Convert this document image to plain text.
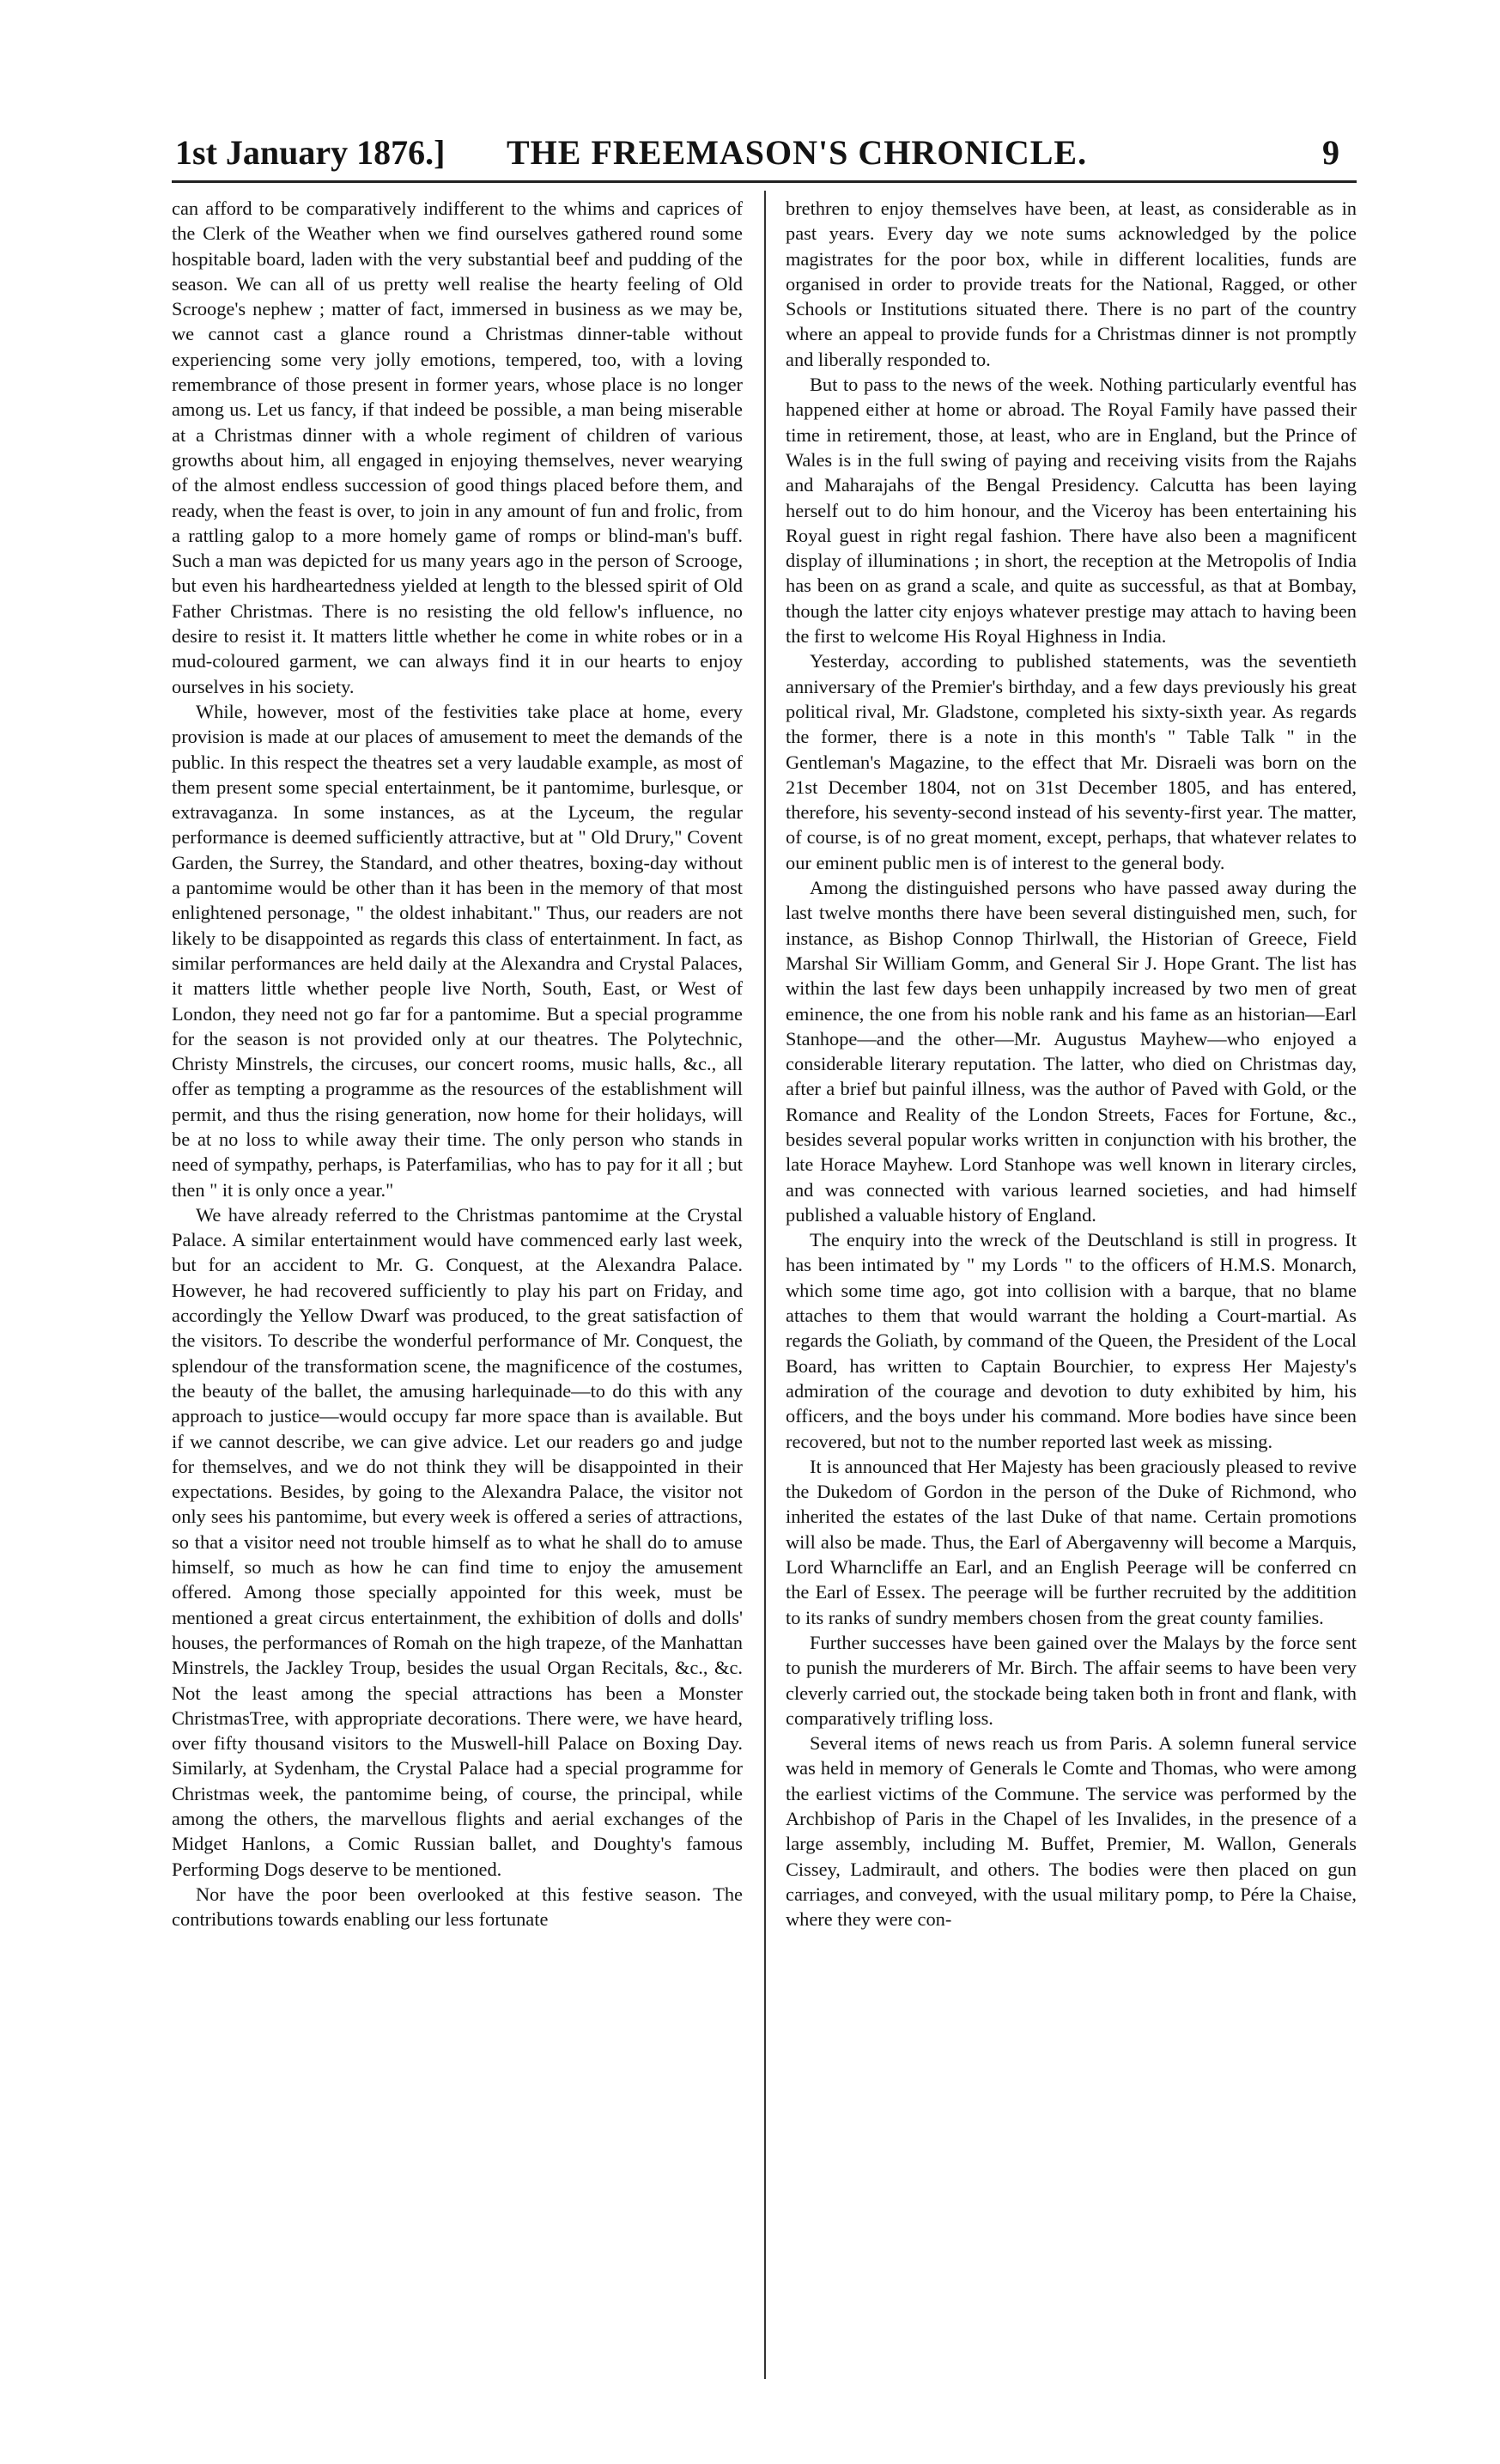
1st January 1876.] THE FREEMASON'S CHRONICLE.	9

can afford to be comparatively indifferent to the whims and caprices of the Clerk of the Weather when we find ourselves gathered round some hospitable board, laden with the very substantial beef and pudding of the season. We can all of us pretty well realise the hearty feeling of Old Scrooge's nephew ; matter of fact, immersed in business as we may be, we cannot cast a glance round a Christmas dinner-table without experiencing some very jolly emotions, tempered, too, with a loving remembrance of those present in former years, whose place is no longer among us. Let us fancy, if that indeed be possible, a man being miserable at a Christmas dinner with a whole regiment of children of various growths about him, all engaged in enjoying themselves, never wearying of the almost endless succession of good things placed before them, and ready, when the feast is over, to join in any amount of fun and frolic, from a rattling galop to a more homely game of romps or blind-man's buff. Such a man was depicted for us many years ago in the person of Scrooge, but even his hardheartedness yielded at length to the blessed spirit of Old Father Christmas. There is no resisting the old fellow's influence, no desire to resist it. It matters little whether he come in white robes or in a mud-coloured garment, we can always find it in our hearts to enjoy ourselves in his society.

While, however, most of the festivities take place at home, every provision is made at our places of amusement to meet the demands of the public. In this respect the theatres set a very laudable example, as most of them present some special entertainment, be it pantomime, burlesque, or extravaganza. In some instances, as at the Lyceum, the regular performance is deemed sufficiently attractive, but at " Old Drury," Covent Garden, the Surrey, the Standard, and other theatres, boxing-day without a pantomime would be other than it has been in the memory of that most enlightened personage, " the oldest inhabitant." Thus, our readers are not likely to be disappointed as regards this class of entertainment. In fact, as similar performances are held daily at the Alexandra and Crystal Palaces, it matters little whether people live North, South, East, or West of London, they need not go far for a pantomime. But a special programme for the season is not provided only at our theatres. The Polytechnic, Christy Minstrels, the circuses, our concert rooms, music halls, &c., all offer as tempting a programme as the resources of the establishment will permit, and thus the rising generation, now home for their holidays, will be at no loss to while away their time. The only person who stands in need of sympathy, perhaps, is Paterfamilias, who has to pay for it all ; but then " it is only once a year."

We have already referred to the Christmas pantomime at the Crystal Palace. A similar entertainment would have commenced early last week, but for an accident to Mr. G. Conquest, at the Alexandra Palace. However, he had recovered sufficiently to play his part on Friday, and accordingly the Yellow Dwarf was produced, to the great satisfaction of the visitors. To describe the wonderful performance of Mr. Conquest, the splendour of the transformation scene, the magnificence of the costumes, the beauty of the ballet, the amusing harlequinade—to do this with any approach to justice—would occupy far more space than is available. But if we cannot describe, we can give advice. Let our readers go and judge for themselves, and we do not think they will be disappointed in their expectations. Besides, by going to the Alexandra Palace, the visitor not only sees his pantomime, but every week is offered a series of attractions, so that a visitor need not trouble himself as to what he shall do to amuse himself, so much as how he can find time to enjoy the amusement offered. Among those specially appointed for this week, must be mentioned a great circus entertainment, the exhibition of dolls and dolls' houses, the performances of Romah on the high trapeze, of the Manhattan Minstrels, the Jackley Troup, besides the usual Organ Recitals, &c., &c. Not the least among the special attractions has been a Monster ChristmasTree, with appropriate decorations. There were, we have heard, over fifty thousand visitors to the Muswell-hill Palace on Boxing Day. Similarly, at Sydenham, the Crystal Palace had a special programme for Christmas week, the pantomime being, of course, the principal, while among the others, the marvellous flights and aerial exchanges of the Midget Hanlons, a Comic Russian ballet, and Doughty's famous Performing Dogs deserve to be mentioned.

Nor have the poor been overlooked at this festive season. The contributions towards enabling our less fortunate

brethren to enjoy themselves have been, at least, as considerable as in past years. Every day we note sums acknowledged by the police magistrates for the poor box, while in different localities, funds are organised in order to provide treats for the National, Ragged, or other Schools or Institutions situated there. There is no part of the country where an appeal to provide funds for a Christmas dinner is not promptly and liberally responded to.

But to pass to the news of the week. Nothing particularly eventful has happened either at home or abroad. The Royal Family have passed their time in retirement, those, at least, who are in England, but the Prince of Wales is in the full swing of paying and receiving visits from the Rajahs and Maharajahs of the Bengal Presidency. Calcutta has been laying herself out to do him honour, and the Viceroy has been entertaining his Royal guest in right regal fashion. There have also been a magnificent display of illuminations ; in short, the reception at the Metropolis of India has been on as grand a scale, and quite as successful, as that at Bombay, though the latter city enjoys whatever prestige may attach to having been the first to welcome His Royal Highness in India.

Yesterday, according to published statements, was the seventieth anniversary of the Premier's birthday, and a few days previously his great political rival, Mr. Gladstone, completed his sixty-sixth year. As regards the former, there is a note in this month's " Table Talk " in the Gentleman's Magazine, to the effect that Mr. Disraeli was born on the 21st December 1804, not on 31st December 1805, and has entered, therefore, his seventy-second instead of his seventy-first year. The matter, of course, is of no great moment, except, perhaps, that whatever relates to our eminent public men is of interest to the general body.

Among the distinguished persons who have passed away during the last twelve months there have been several distinguished men, such, for instance, as Bishop Connop Thirlwall, the Historian of Greece, Field Marshal Sir William Gomm, and General Sir J. Hope Grant. The list has within the last few days been unhappily increased by two men of great eminence, the one from his noble rank and his fame as an historian—Earl Stanhope—and the other—Mr. Augustus Mayhew—who enjoyed a considerable literary reputation. The latter, who died on Christmas day, after a brief but painful illness, was the author of Paved with Gold, or the Romance and Reality of the London Streets, Faces for Fortune, &c., besides several popular works written in conjunction with his brother, the late Horace Mayhew. Lord Stanhope was well known in literary circles, and was connected with various learned societies, and had himself published a valuable history of England.

The enquiry into the wreck of the Deutschland is still in progress. It has been intimated by " my Lords " to the officers of H.M.S. Monarch, which some time ago, got into collision with a barque, that no blame attaches to them that would warrant the holding a Court-martial. As regards the Goliath, by command of the Queen, the President of the Local Board, has written to Captain Bourchier, to express Her Majesty's admiration of the courage and devotion to duty exhibited by him, his officers, and the boys under his command. More bodies have since been recovered, but not to the number reported last week as missing.

It is announced that Her Majesty has been graciously pleased to revive the Dukedom of Gordon in the person of the Duke of Richmond, who inherited the estates of the last Duke of that name. Certain promotions will also be made. Thus, the Earl of Abergavenny will become a Marquis, Lord Wharncliffe an Earl, and an English Peerage will be conferred cn the Earl of Essex. The peerage will be further recruited by the additition to its ranks of sundry members chosen from the great county families.

Further successes have been gained over the Malays by the force sent to punish the murderers of Mr. Birch. The affair seems to have been very cleverly carried out, the stockade being taken both in front and flank, with comparatively trifling loss.

Several items of news reach us from Paris. A solemn funeral service was held in memory of Generals le Comte and Thomas, who were among the earliest victims of the Commune. The service was performed by the Archbishop of Paris in the Chapel of les Invalides, in the presence of a large assembly, including M. Buffet, Premier, M. Wallon, Generals Cissey, Ladmirault, and others. The bodies were then placed on gun carriages, and conveyed, with the usual military pomp, to Pére la Chaise, where they were con-
